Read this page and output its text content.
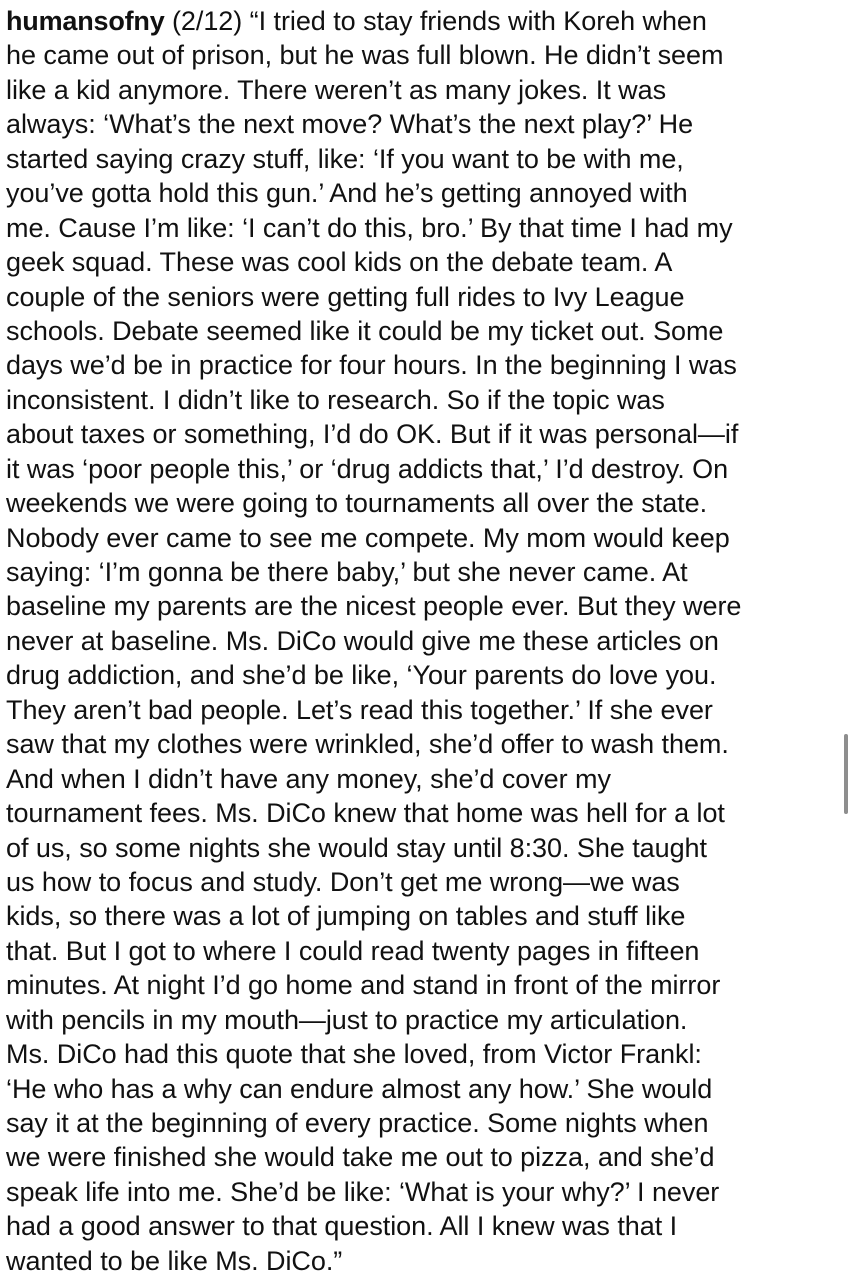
humansofny (2/12) “I tried to stay friends with Koreh when
he came out of prison, but he was full blown. He didn’t seem
like a kid anymore. There weren’t as many jokes. It was
always: ‘What’s the next move? What’s the next play?’ He
started saying crazy stuff, like: ‘If you want to be with me,
you’ve gotta hold this gun.’ And he’s getting annoyed with
me. Cause I’m like: ‘I can’t do this, bro.’ By that time I had my
geek squad. These was cool kids on the debate team. A
couple of the seniors were getting full rides to Ivy League
schools. Debate seemed like it could be my ticket out. Some
days we’d be in practice for four hours. In the beginning I was
inconsistent. I didn’t like to research. So if the topic was
about taxes or something, I’d do OK. But if it was personal—if
it was ‘poor people this,’ or ‘drug addicts that,’ I’d destroy. On
weekends we were going to tournaments all over the state.
Nobody ever came to see me compete. My mom would keep
saying: ‘I’m gonna be there baby,’ but she never came. At
baseline my parents are the nicest people ever. But they were
never at baseline. Ms. DiCo would give me these articles on
drug addiction, and she’d be like, ‘Your parents do love you.
They aren’t bad people. Let’s read this together.’ If she ever
saw that my clothes were wrinkled, she’d offer to wash them.
And when I didn’t have any money, she’d cover my
tournament fees. Ms. DiCo knew that home was hell for a lot
of us, so some nights she would stay until 8:30. She taught
us how to focus and study. Don’t get me wrong—we was
kids, so there was a lot of jumping on tables and stuff like
that. But I got to where I could read twenty pages in fifteen
minutes. At night I’d go home and stand in front of the mirror
with pencils in my mouth—just to practice my articulation.
Ms. DiCo had this quote that she loved, from Victor Frankl:
‘He who has a why can endure almost any how.’ She would
say it at the beginning of every practice. Some nights when
we were finished she would take me out to pizza, and she’d
speak life into me. She’d be like: ‘What is your why?’ I never
had a good answer to that question. All I knew was that I
wanted to be like Ms. DiCo.”
